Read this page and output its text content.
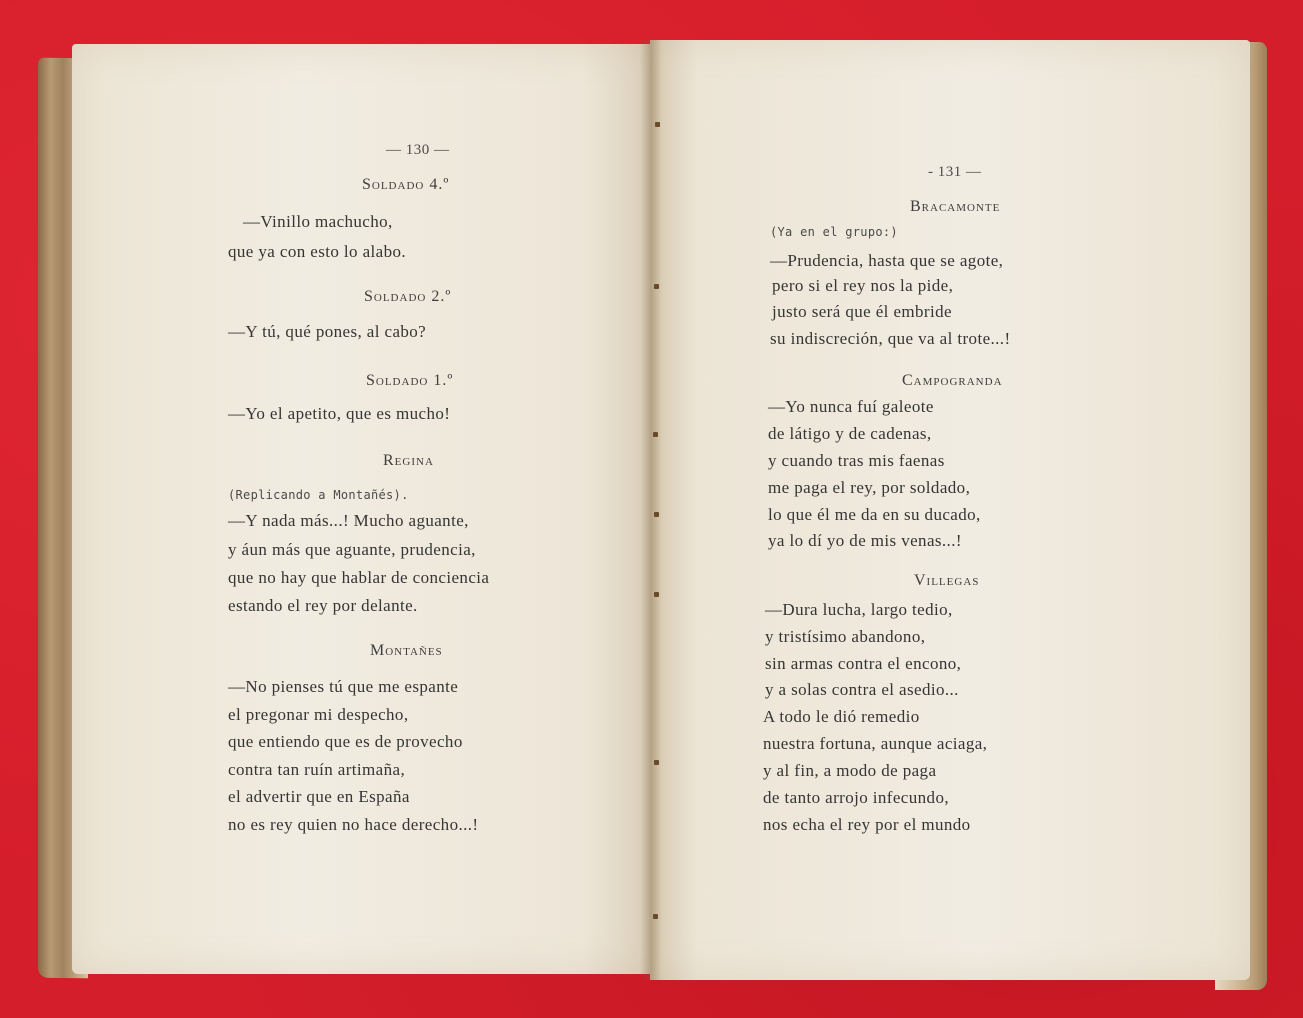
— 130 —
Soldado 4.º
—Vinillo machucho,
que ya con esto lo alabo.
Soldado 2.º
—Y tú, qué pones, al cabo?
Soldado 1.º
—Yo el apetito, que es mucho!
Regina
(Replicando a Montañés).
—Y nada más...! Mucho aguante,
y áun más que aguante, prudencia,
que no hay que hablar de conciencia
estando el rey por delante.
Montañes
—No pienses tú que me espante
el pregonar mi despecho,
que entiendo que es de provecho
contra tan ruín artimaña,
el advertir que en España
no es rey quien no hace derecho...!
- 131 —
Bracamonte
(Ya en el grupo:)
—Prudencia, hasta que se agote,
pero si el rey nos la pide,
justo será que él embride
su indiscreción, que va al trote...!
Campogranda
—Yo nunca fuí galeote
de látigo y de cadenas,
y cuando tras mis faenas
me paga el rey, por soldado,
lo que él me da en su ducado,
ya lo dí yo de mis venas...!
Villegas
—Dura lucha, largo tedio,
y tristísimo abandono,
sin armas contra el encono,
y a solas contra el asedio...
A todo le dió remedio
nuestra fortuna, aunque aciaga,
y al fin, a modo de paga
de tanto arrojo infecundo,
nos echa el rey por el mundo
